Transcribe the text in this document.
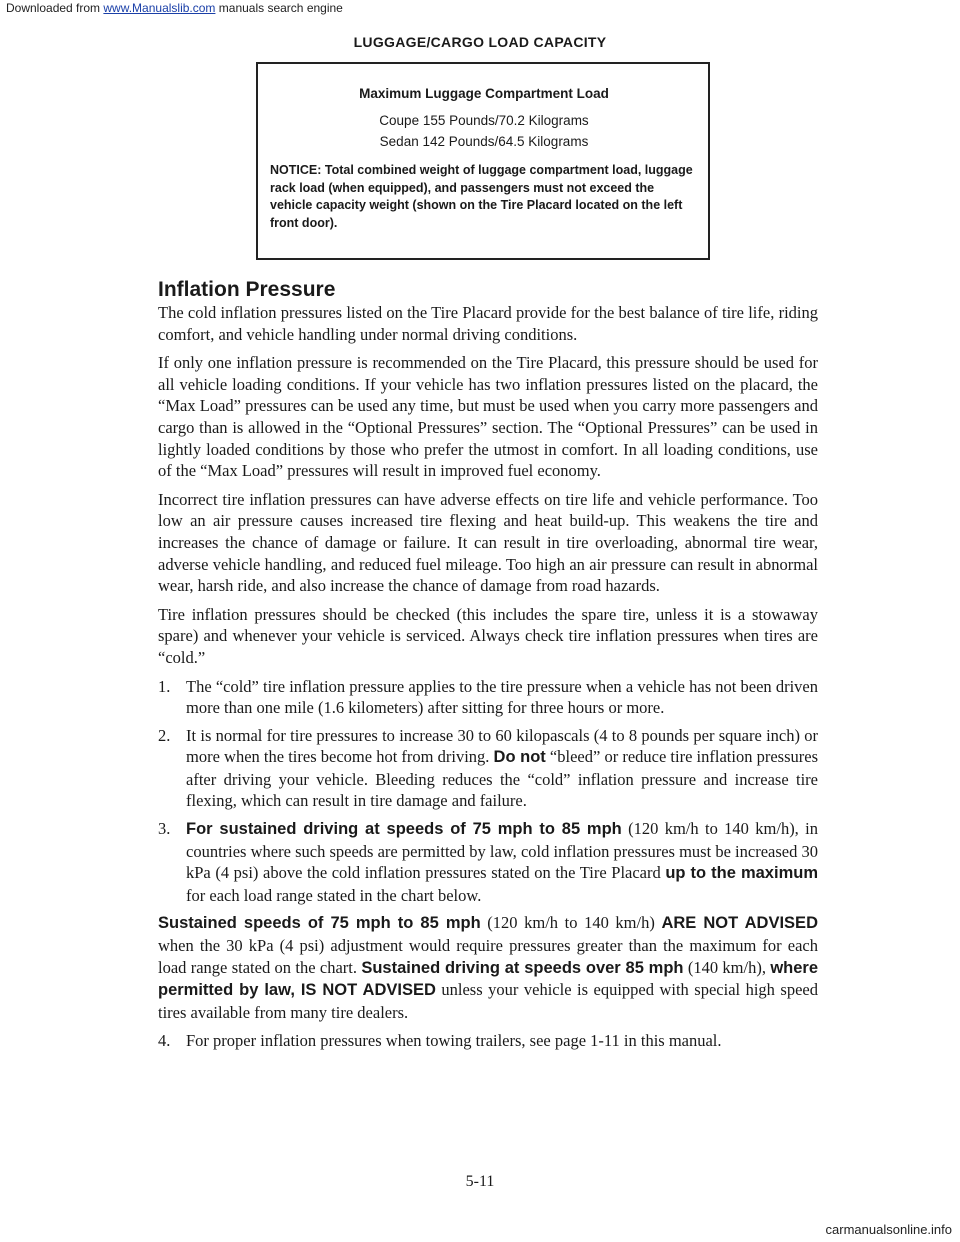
Downloaded from www.Manualslib.com manuals search engine
LUGGAGE/CARGO LOAD CAPACITY
Maximum Luggage Compartment Load
Coupe 155 Pounds/70.2 Kilograms
Sedan 142 Pounds/64.5 Kilograms
NOTICE: Total combined weight of luggage compartment load, luggage rack load (when equipped), and passengers must not exceed the vehicle capacity weight (shown on the Tire Placard located on the left front door).
Inflation Pressure

The cold inflation pressures listed on the Tire Placard provide for the best balance of tire life, riding comfort, and vehicle handling under normal driving conditions.

If only one inflation pressure is recommended on the Tire Placard, this pressure should be used for all vehicle loading conditions. If your vehicle has two inflation pressures listed on the placard, the “Max Load” pressures can be used any time, but must be used when you carry more passengers and cargo than is allowed in the “Optional Pressures” section. The “Optional Pressures” can be used in lightly loaded conditions by those who prefer the utmost in comfort. In all loading conditions, use of the “Max Load” pressures will result in improved fuel economy.

Incorrect tire inflation pressures can have adverse effects on tire life and vehicle performance. Too low an air pressure causes increased tire flexing and heat build-up. This weakens the tire and increases the chance of damage or failure. It can result in tire overloading, abnormal tire wear, adverse vehicle handling, and reduced fuel mileage. Too high an air pressure can result in abnormal wear, harsh ride, and also increase the chance of damage from road hazards.

Tire inflation pressures should be checked (this includes the spare tire, unless it is a stowaway spare) and whenever your vehicle is serviced. Always check tire inflation pressures when tires are “cold.”

1. The “cold” tire inflation pressure applies to the tire pressure when a vehicle has not been driven more than one mile (1.6 kilometers) after sitting for three hours or more.
2. It is normal for tire pressures to increase 30 to 60 kilopascals (4 to 8 pounds per square inch) or more when the tires become hot from driving. Do not “bleed” or reduce tire inflation pressures after driving your vehicle. Bleeding reduces the “cold” inflation pressure and increase tire flexing, which can result in tire damage and failure.
3. For sustained driving at speeds of 75 mph to 85 mph (120 km/h to 140 km/h), in countries where such speeds are permitted by law, cold inflation pressures must be increased 30 kPa (4 psi) above the cold inflation pressures stated on the Tire Placard up to the maximum for each load range stated in the chart below.

Sustained speeds of 75 mph to 85 mph (120 km/h to 140 km/h) ARE NOT ADVISED when the 30 kPa (4 psi) adjustment would require pressures greater than the maximum for each load range stated on the chart. Sustained driving at speeds over 85 mph (140 km/h), where permitted by law, IS NOT ADVISED unless your vehicle is equipped with special high speed tires available from many tire dealers.

4. For proper inflation pressures when towing trailers, see page 1-11 in this manual.
5-11
carmanualsonline.info
